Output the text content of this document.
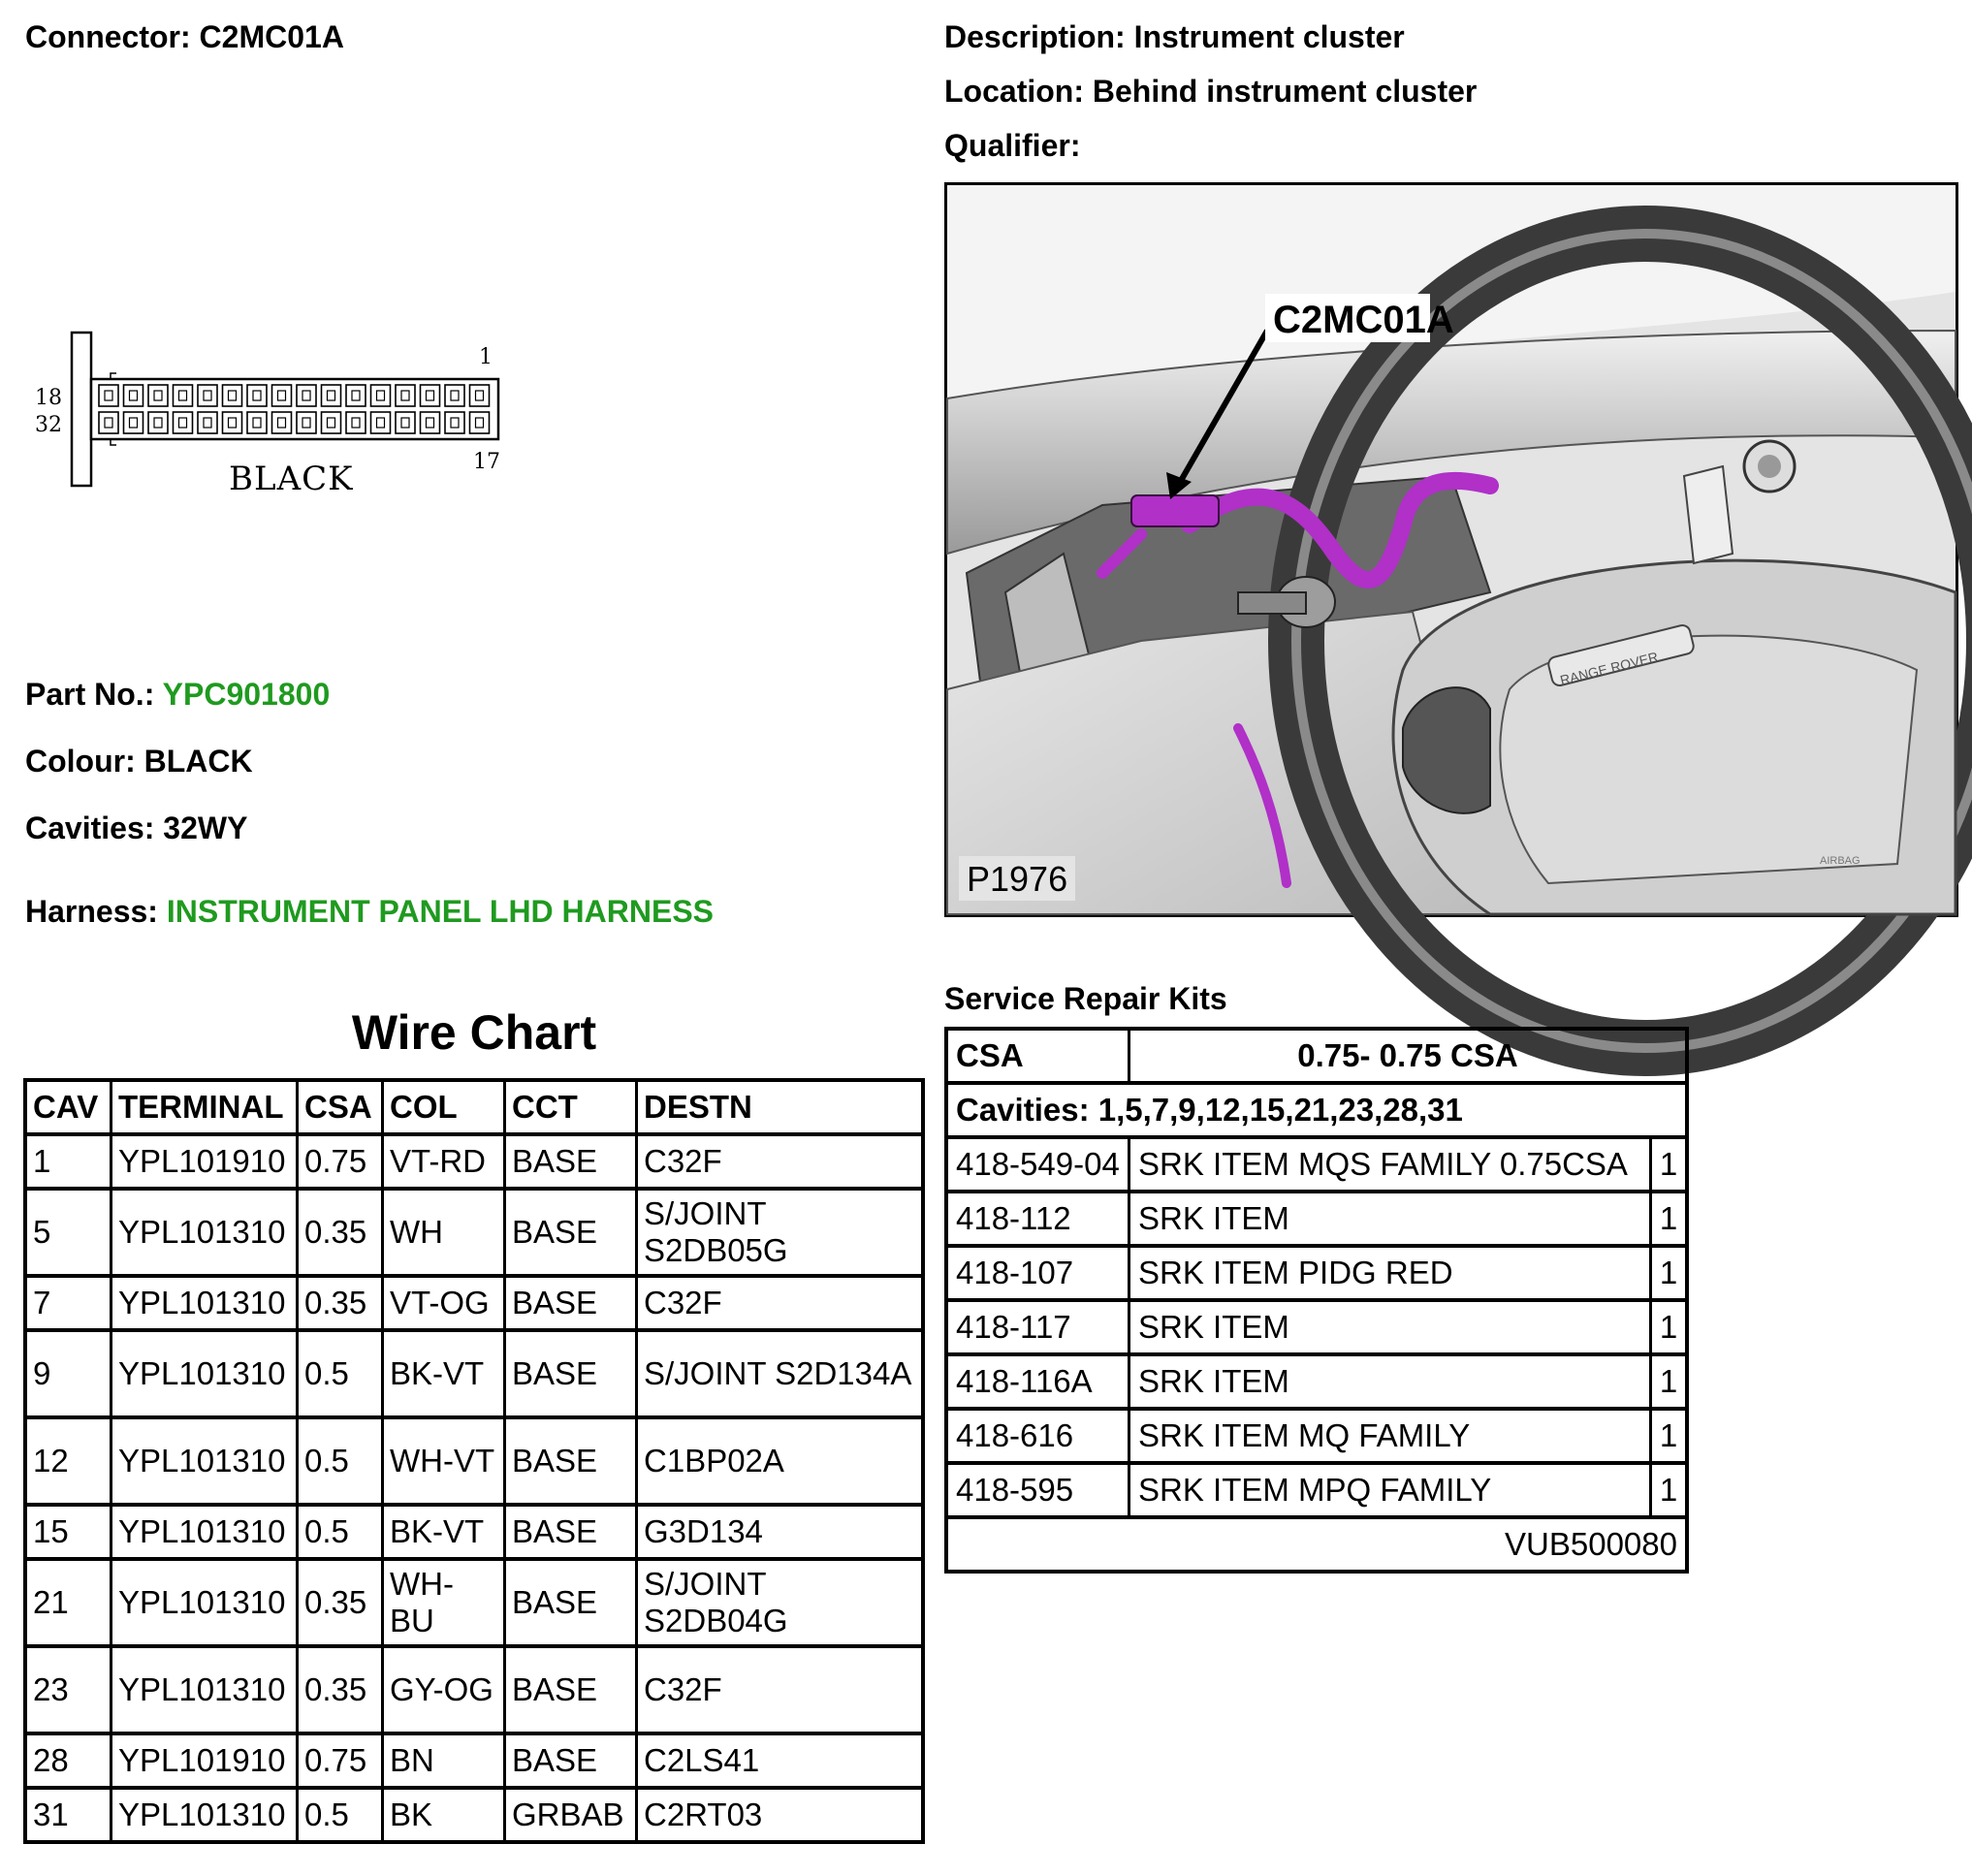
Connector: C2MC01A	Description: Instrument cluster
Location: Behind instrument cluster
Qualifier:
18
32
1
17
BLACK
Part No.: YPC901800
Colour: BLACK
Cavities: 32WY
Harness: INSTRUMENT PANEL LHD HARNESS
RANGE ROVER
AIRBAG
C2MC01A
P1976
Wire Chart
CAV	TERMINAL	CSA	COL	CCT	DESTN
1	YPL101910	0.75	VT-RD	BASE	C32F
5	YPL101310	0.35	WH	BASE	S/JOINT S2DB05G
7	YPL101310	0.35	VT-OG	BASE	C32F
9	YPL101310	0.5	BK-VT	BASE	S/JOINT S2D134A
12	YPL101310	0.5	WH-VT	BASE	C1BP02A
15	YPL101310	0.5	BK-VT	BASE	G3D134
21	YPL101310	0.35	WH-BU	BASE	S/JOINT S2DB04G
23	YPL101310	0.35	GY-OG	BASE	C32F
28	YPL101910	0.75	BN	BASE	C2LS41
31	YPL101310	0.5	BK	GRBAB	C2RT03
Service Repair Kits
CSA	0.75- 0.75 CSA	
Cavities: 1,5,7,9,12,15,21,23,28,31		
418-549-04	SRK ITEM MQS FAMILY 0.75CSA	1
418-112	SRK ITEM	1
418-107	SRK ITEM PIDG RED	1
418-117	SRK ITEM	1
418-116A	SRK ITEM	1
418-616	SRK ITEM MQ FAMILY	1
418-595	SRK ITEM MPQ FAMILY	1
VUB500080		
